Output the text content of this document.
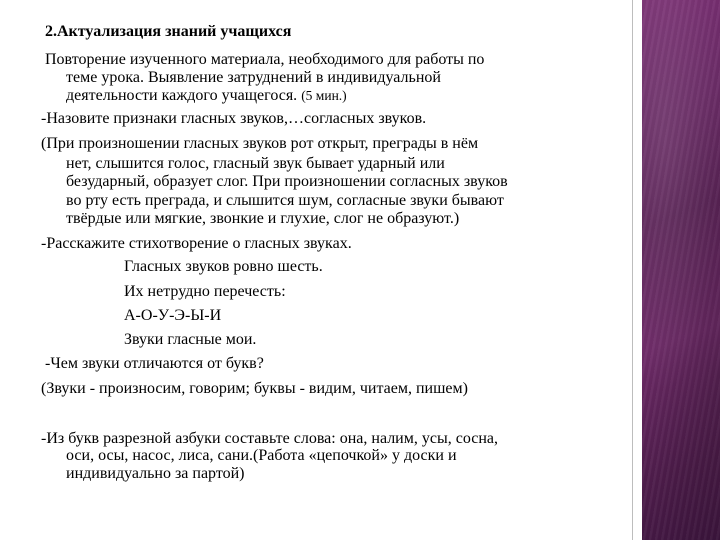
2.Актуализация знаний учащихся
Повторение изученного материала, необходимого для работы по
теме урока. Выявление затруднений в индивидуальной
деятельности каждого учащегося. (5 мин.)
-Назовите признаки гласных звуков,…согласных звуков.
(При произношении гласных звуков рот открыт, преграды в нём
нет, слышится голос, гласный звук бывает ударный или
безударный, образует слог. При произношении согласных звуков
во рту есть преграда, и слышится шум, согласные звуки бывают
твёрдые или мягкие, звонкие и глухие, слог не образуют.)
-Расскажите стихотворение о гласных звуках.
Гласных звуков ровно шесть.
Их нетрудно перечесть:
А-О-У-Э-Ы-И
Звуки гласные мои.
-Чем звуки отличаются от букв?
(Звуки - произносим, говорим; буквы - видим, читаем, пишем)
-Из букв разрезной азбуки составьте слова: она, налим, усы, сосна,
оси, осы, насос, лиса, сани.(Работа «цепочкой» у доски и
индивидуально за партой)
